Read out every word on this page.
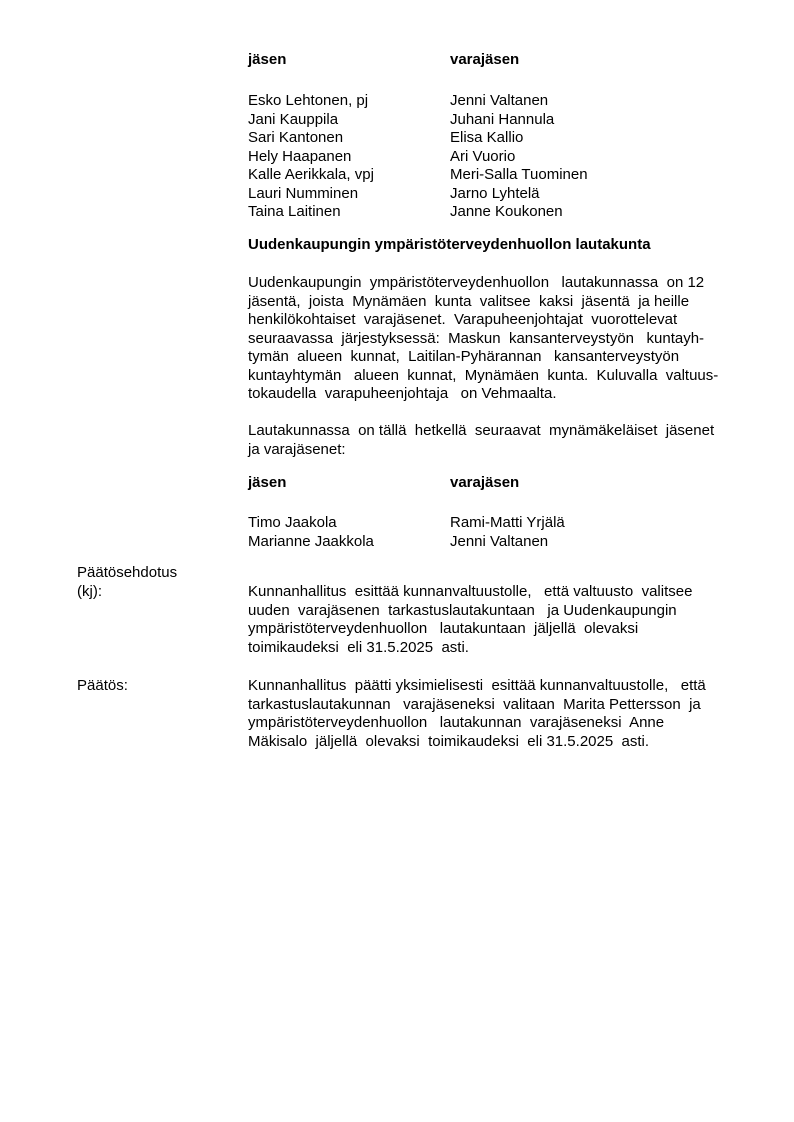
jäsen	varajäsen
Esko Lehtonen, pj	Jenni Valtanen
Jani Kauppila	Juhani Hannula
Sari Kantonen	Elisa Kallio
Hely Haapanen	Ari Vuorio
Kalle Aerikkala, vpj	Meri-Salla Tuominen
Lauri Numminen	Jarno Lyhtelä
Taina Laitinen	Janne Koukonen
Uudenkaupungin ympäristöterveydenhuollon lautakunta
Uudenkaupungin  ympäristöterveydenhuollon   lautakunnassa  on 12
jäsentä,  joista  Mynämäen  kunta  valitsee  kaksi  jäsentä  ja heille
henkilökohtaiset  varajäsenet.  Varapuheenjohtajat  vuorottelevat
seuraavassa  järjestyksessä:  Maskun  kansanterveystyön   kuntayh-
tymän  alueen  kunnat,  Laitilan-Pyhärannan   kansanterveystyön
kuntayhtymän   alueen  kunnat,  Mynämäen  kunta.  Kuluvalla  valtuus-
tokaudella  varapuheenjohtaja   on Vehmaalta.
Lautakunnassa  on tällä  hetkellä  seuraavat  mynämäkeläiset  jäsenet
ja varajäsenet:
jäsen	varajäsen
Timo Jaakola	Rami-Matti Yrjälä
Marianne Jaakkola	Jenni Valtanen
Päätösehdotus
(kj):	Kunnanhallitus  esittää kunnanvaltuustolle,   että valtuusto  valitsee
uuden  varajäsenen  tarkastuslautakuntaan   ja Uudenkaupungin
ympäristöterveydenhuollon   lautakuntaan  jäljellä  olevaksi
toimikaudeksi  eli 31.5.2025  asti.
Päätös:	Kunnanhallitus  päätti yksimielisesti  esittää kunnanvaltuustolle,   että
tarkastuslautakunnan   varajäseneksi  valitaan  Marita Pettersson  ja
ympäristöterveydenhuollon   lautakunnan  varajäseneksi  Anne
Mäkisalo  jäljellä  olevaksi  toimikaudeksi  eli 31.5.2025  asti.
